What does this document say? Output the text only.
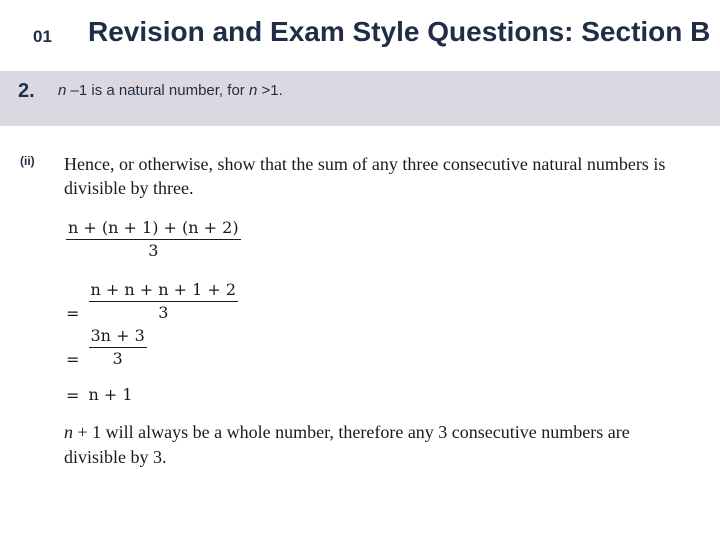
01 Revision and Exam Style Questions: Section B
2. n –1 is a natural number, for n >1.
(ii) Hence, or otherwise, show that the sum of any three consecutive natural numbers is divisible by three.
$\frac{n + (n + 1) + (n + 2)}{3}$
= $\frac{n + n + n + 1 + 2}{3}$
= $\frac{3n + 3}{3}$
= n + 1
n + 1 will always be a whole number, therefore any 3 consecutive numbers are divisible by 3.
